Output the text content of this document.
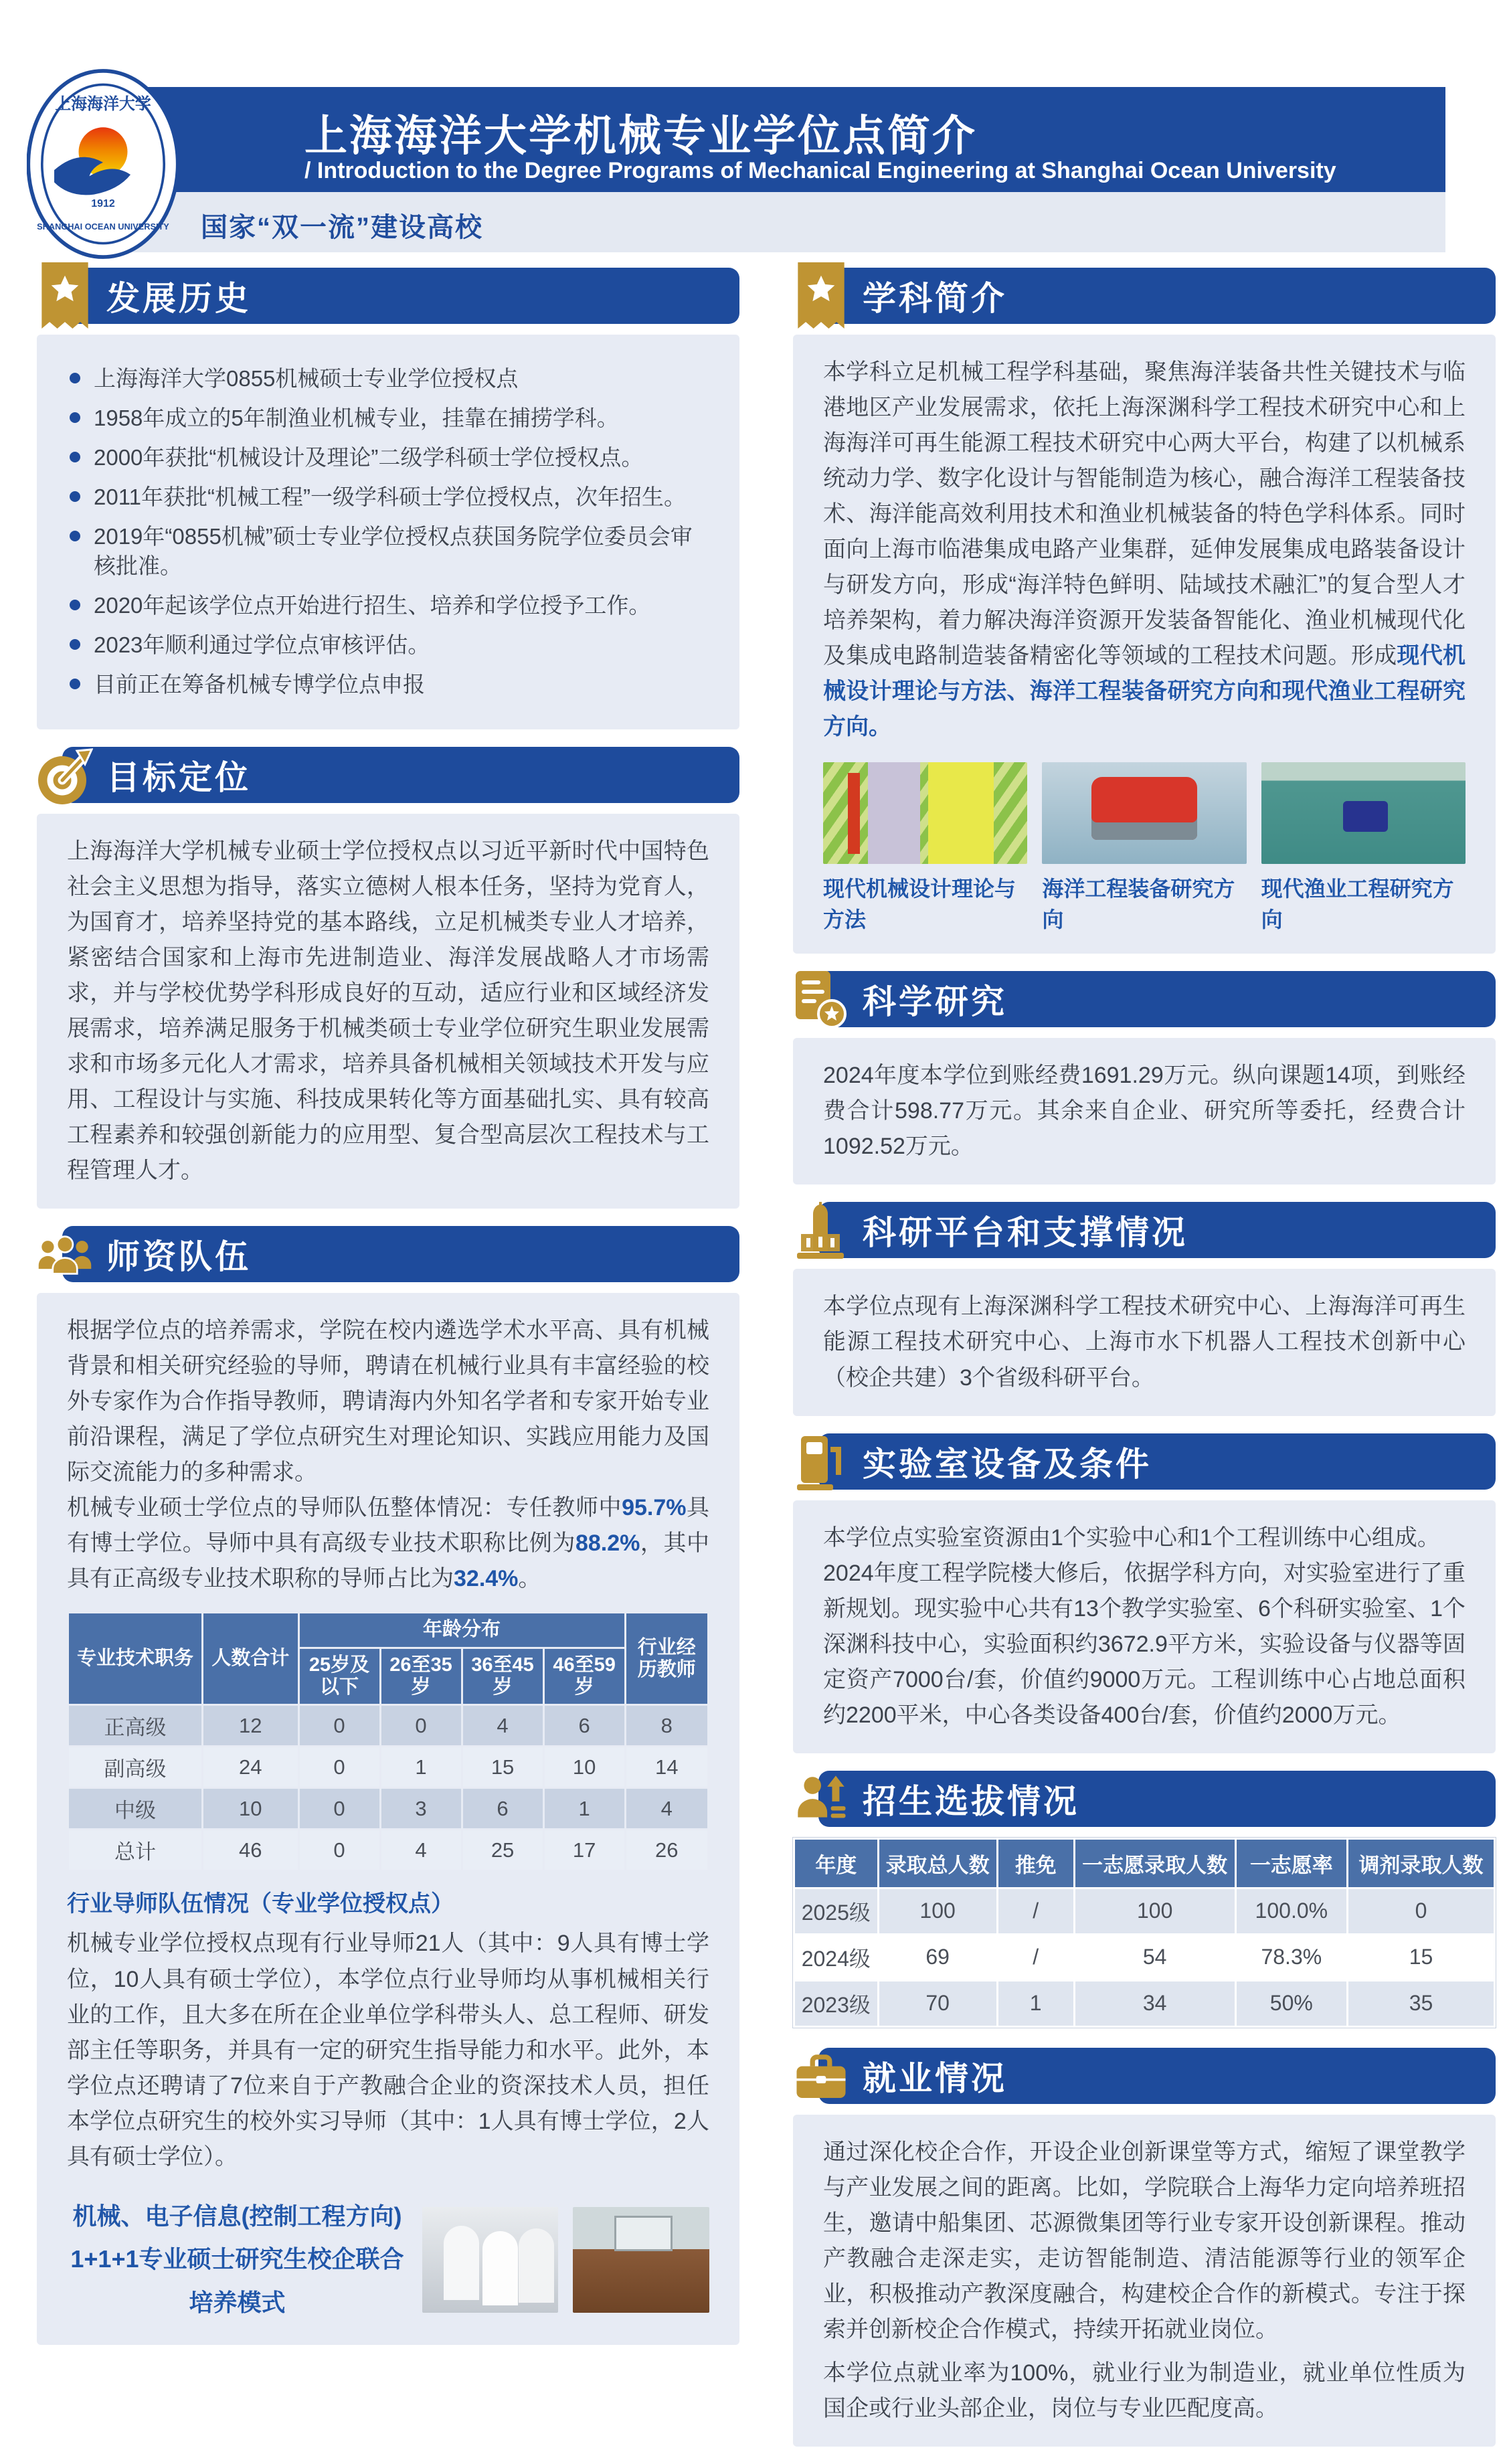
上海海洋大学
1912
SHANGHAI OCEAN UNIVERSITY
上海海洋大学机械专业学位点简介
/ Introduction to the Degree Programs of Mechanical Engineering at Shanghai Ocean University
国家“双一流”建设高校
发展历史
上海海洋大学0855机械硕士专业学位授权点
1958年成立的5年制渔业机械专业，挂靠在捕捞学科。
2000年获批“机械设计及理论”二级学科硕士学位授权点。
2011年获批“机械工程”一级学科硕士学位授权点，次年招生。
2019年“0855机械”硕士专业学位授权点获国务院学位委员会审核批准。
2020年起该学位点开始进行招生、培养和学位授予工作。
2023年顺利通过学位点审核评估。
目前正在筹备机械专博学位点申报
目标定位

上海海洋大学机械专业硕士学位授权点以习近平新时代中国特色社会主义思想为指导，落实立德树人根本任务，坚持为党育人，为国育才，培养坚持党的基本路线，立足机械类专业人才培养，紧密结合国家和上海市先进制造业、海洋发展战略人才市场需求，并与学校优势学科形成良好的互动，适应行业和区域经济发展需求，培养满足服务于机械类硕士专业学位研究生职业发展需求和市场多元化人才需求，培养具备机械相关领域技术开发与应用、工程设计与实施、科技成果转化等方面基础扎实、具有较高工程素养和较强创新能力的应用型、复合型高层次工程技术与工程管理人才。

师资队伍

根据学位点的培养需求，学院在校内遴选学术水平高、具有机械背景和相关研究经验的导师，聘请在机械行业具有丰富经验的校外专家作为合作指导教师，聘请海内外知名学者和专家开始专业前沿课程，满足了学位点研究生对理论知识、实践应用能力及国际交流能力的多种需求。

机械专业硕士学位点的导师队伍整体情况：专任教师中95.7%具有博士学位。导师中具有高级专业技术职称比例为88.2%，其中具有正高级专业技术职称的导师占比为32.4%。

专业技术职务	人数合计	年龄分布				行业经历教师
		25岁及以下	26至35岁	36至45岁	46至59岁	
正高级	12	0	0	4	6	8
副高级	24	0	1	15	10	14
中级	10	0	3	6	1	4
总计	46	0	4	25	17	26
行业导师队伍情况（专业学位授权点）

机械专业学位授权点现有行业导师21人（其中：9人具有博士学位，10人具有硕士学位），本学位点行业导师均从事机械相关行业的工作，且大多在所在企业单位学科带头人、总工程师、研发部主任等职务，并具有一定的研究生指导能力和水平。此外，本学位点还聘请了7位来自于产教融合企业的资深技术人员，担任本学位点研究生的校外实习导师（其中：1人具有博士学位，2人具有硕士学位）。

机械、电子信息(控制工程方向)
1+1+1专业硕士研究生校企联合培养模式
学科简介

本学科立足机械工程学科基础，聚焦海洋装备共性关键技术与临港地区产业发展需求，依托上海深渊科学工程技术研究中心和上海海洋可再生能源工程技术研究中心两大平台，构建了以机械系统动力学、数字化设计与智能制造为核心，融合海洋工程装备技术、海洋能高效利用技术和渔业机械装备的特色学科体系。同时面向上海市临港集成电路产业集群，延伸发展集成电路装备设计与研发方向，形成“海洋特色鲜明、陆域技术融汇”的复合型人才培养架构，着力解决海洋资源开发装备智能化、渔业机械现代化及集成电路制造装备精密化等领域的工程技术问题。形成现代机械设计理论与方法、海洋工程装备研究方向和现代渔业工程研究方向。

现代机械设计理论与方法
海洋工程装备研究方向
现代渔业工程研究方向
科学研究

2024年度本学位到账经费1691.29万元。纵向课题14项，到账经费合计598.77万元。其余来自企业、研究所等委托，经费合计1092.52万元。

科研平台和支撑情况

本学位点现有上海深渊科学工程技术研究中心、上海海洋可再生能源工程技术研究中心、上海市水下机器人工程技术创新中心（校企共建）3个省级科研平台。

实验室设备及条件

本学位点实验室资源由1个实验中心和1个工程训练中心组成。

2024年度工程学院楼大修后，依据学科方向，对实验室进行了重新规划。现实验中心共有13个教学实验室、6个科研实验室、1个深渊科技中心，实验面积约3672.9平方米，实验设备与仪器等固定资产7000台/套，价值约9000万元。工程训练中心占地总面积约2200平米，中心各类设备400台/套，价值约2000万元。

招生选拔情况
年度	录取总人数	推免	一志愿录取人数	一志愿率	调剂录取人数
2025级	100	/	100	100.0%	0
2024级	69	/	54	78.3%	15
2023级	70	1	34	50%	35
就业情况

通过深化校企合作，开设企业创新课堂等方式，缩短了课堂教学与产业发展之间的距离。比如，学院联合上海华力定向培养班招生，邀请中船集团、芯源微集团等行业专家开设创新课程。推动产教融合走深走实，走访智能制造、清洁能源等行业的领军企业，积极推动产教深度融合，构建校企合作的新模式。专注于探索并创新校企合作模式，持续开拓就业岗位。

本学位点就业率为100%，就业行业为制造业，就业单位性质为国企或行业头部企业，岗位与专业匹配度高。
